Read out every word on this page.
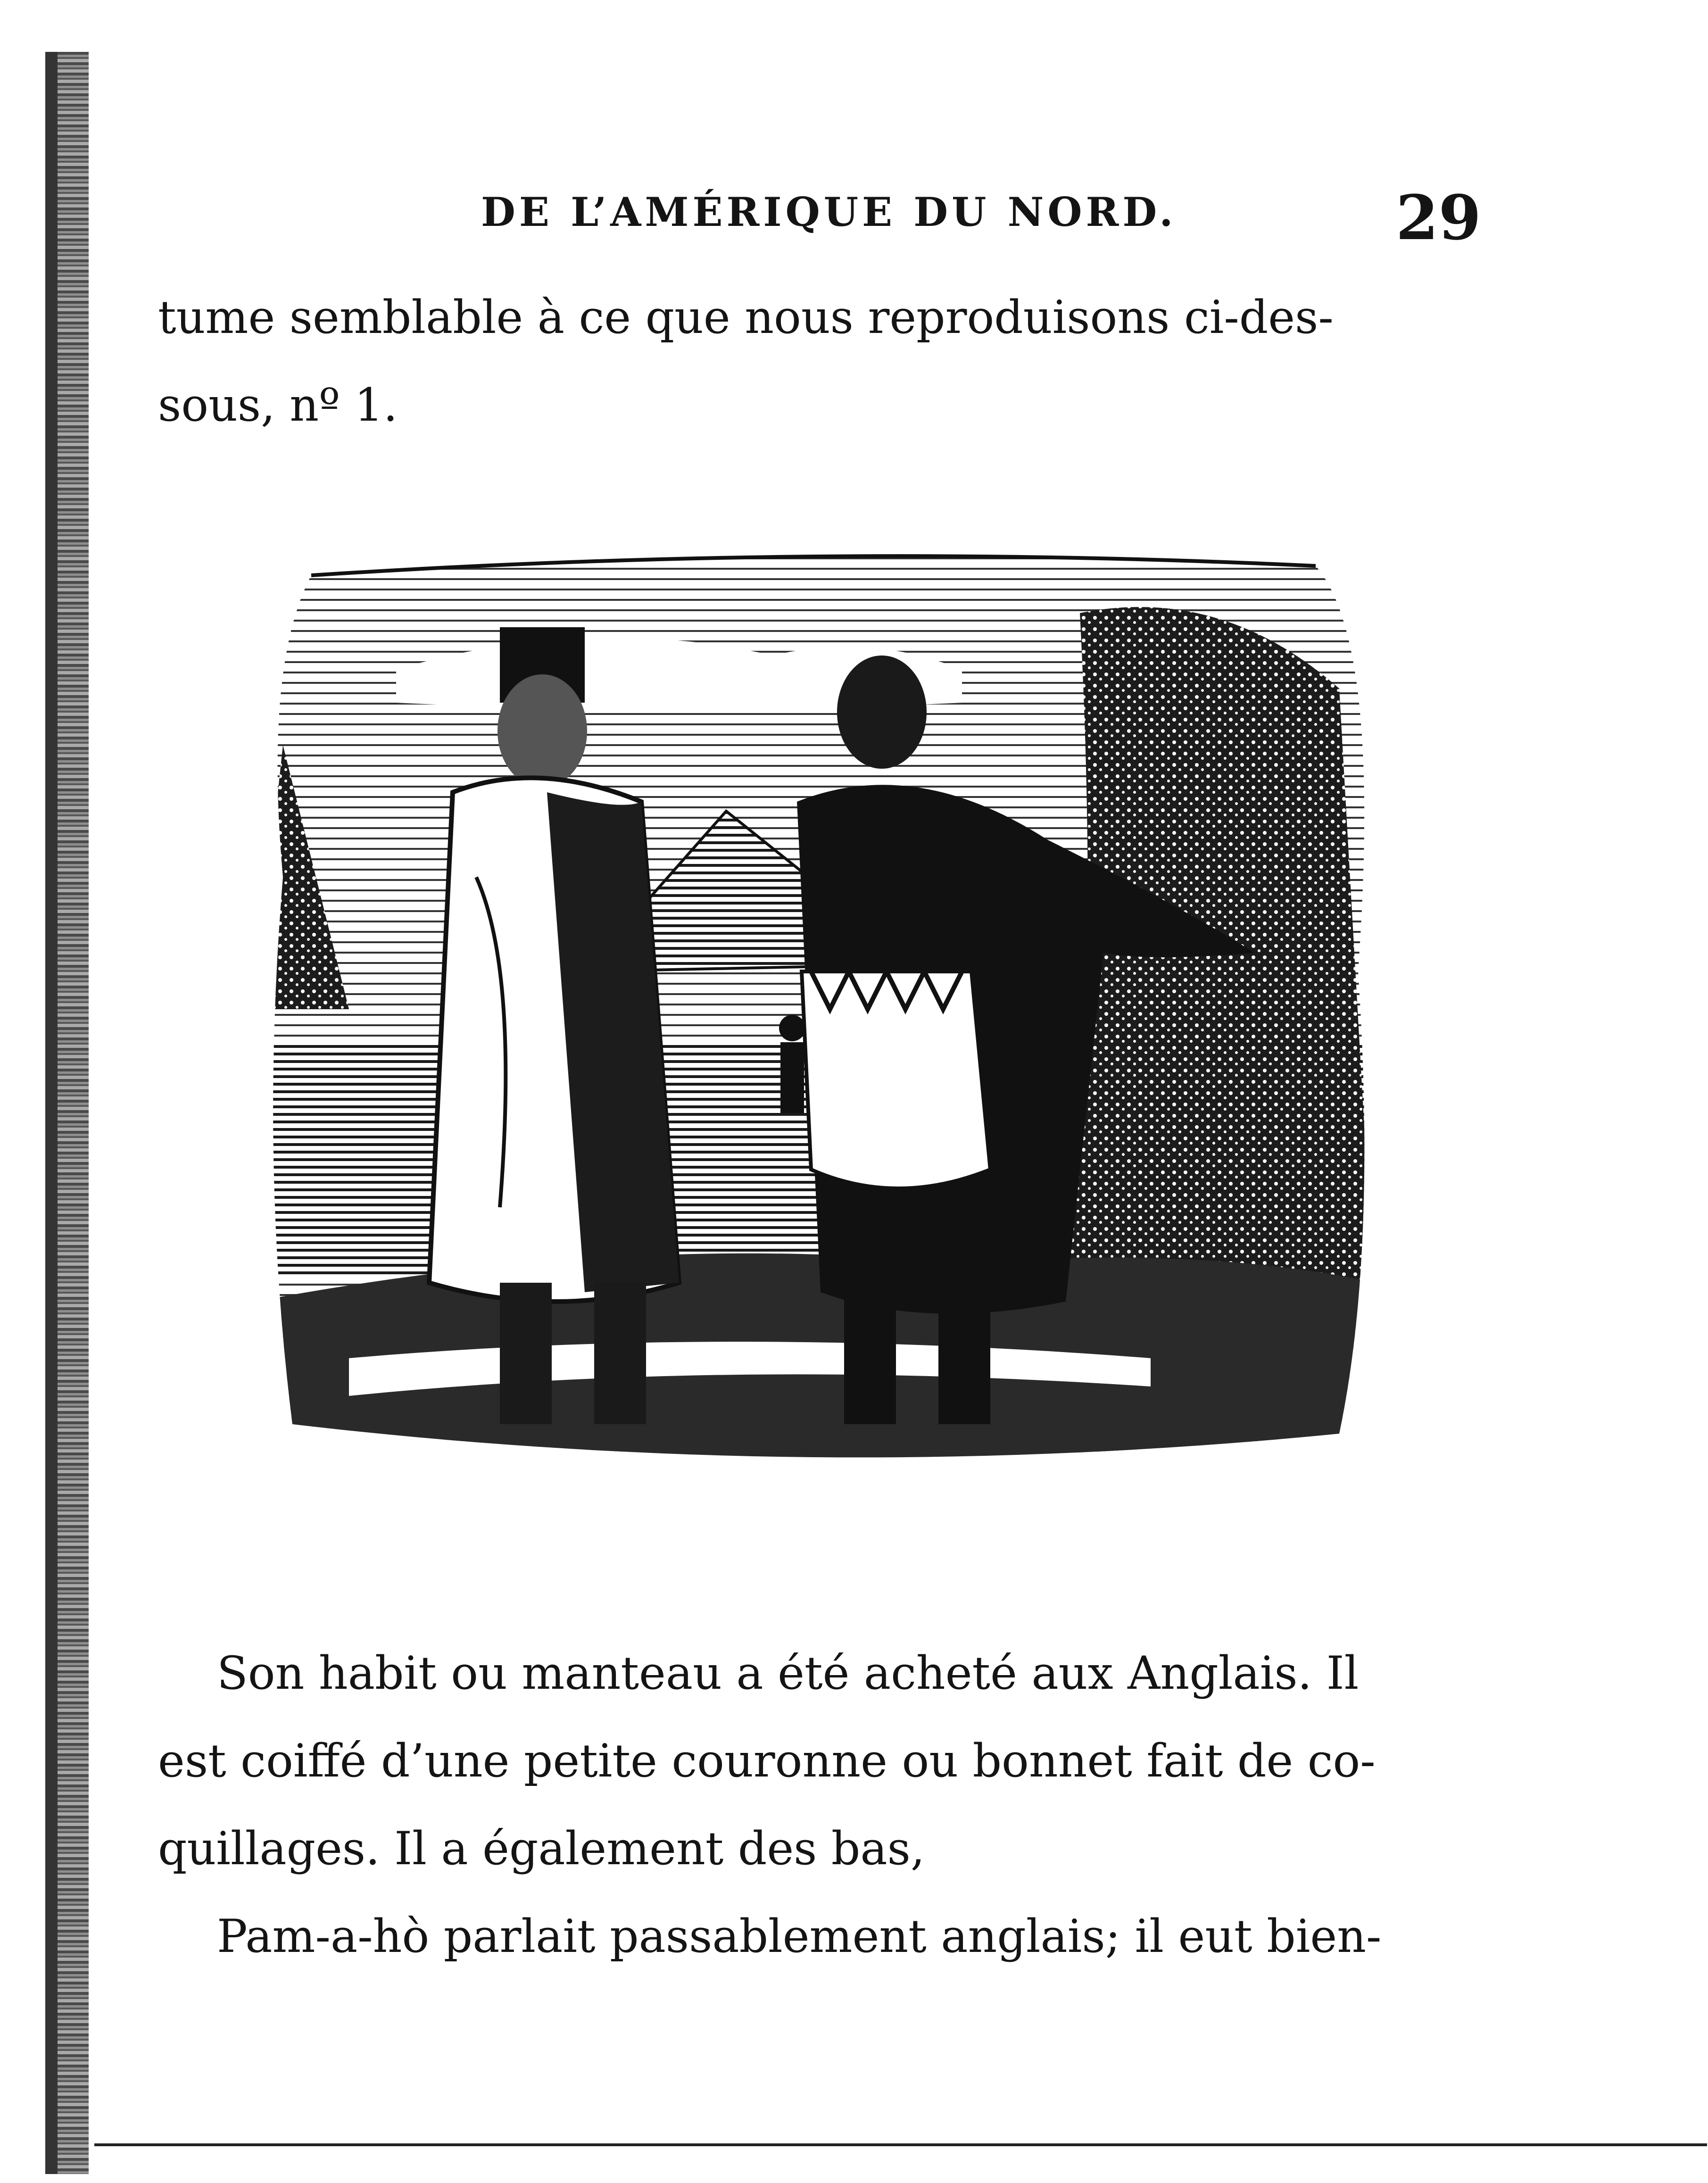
DE L’AMÉRIQUE DU NORD.	29

tume semblable à ce que nous reproduisons ci-des-

sous, nº 1.

Son habit ou manteau a été acheté aux Anglais. Il

est coiffé d’une petite couronne ou bonnet fait de co-

quillages. Il a également des bas,

Pam-a-hò parlait passablement anglais; il eut bien-
